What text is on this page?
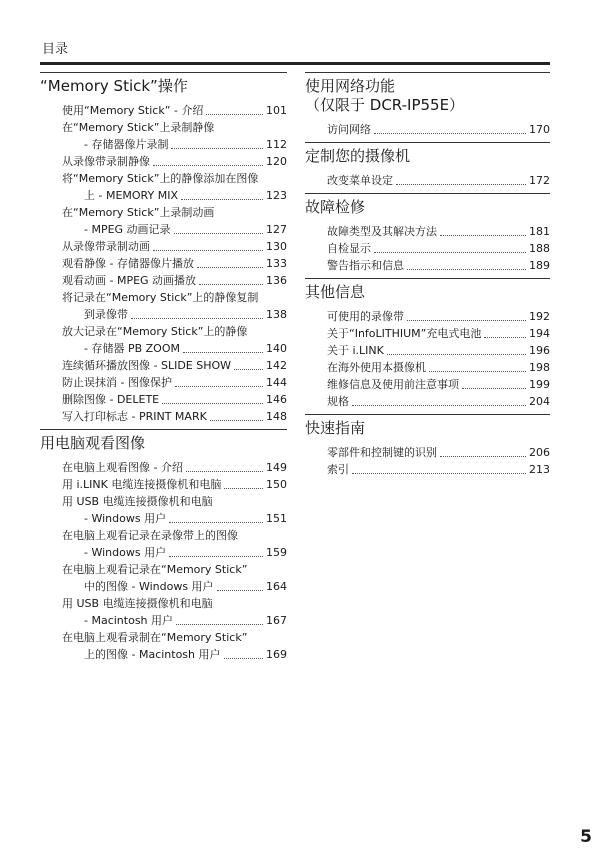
目录
“Memory Stick”操作
使用“Memory Stick” - 介绍	101
在“Memory Stick”上录制静像
- 存储器像片录制	112
从录像带录制静像	120
将“Memory Stick”上的静像添加在图像
上 - MEMORY MIX	123
在“Memory Stick”上录制动画
- MPEG 动画记录	127
从录像带录制动画	130
观看静像 - 存储器像片播放	133
观看动画 - MPEG 动画播放	136
将记录在“Memory Stick”上的静像复制
到录像带	138
放大记录在“Memory Stick”上的静像
- 存储器 PB ZOOM	140
连续循环播放图像 - SLIDE SHOW	142
防止误抹消 - 图像保护	144
删除图像 - DELETE	146
写入打印标志 - PRINT MARK	148
用电脑观看图像
在电脑上观看图像 - 介绍	149
用 i.LINK 电缆连接摄像机和电脑	150
用 USB 电缆连接摄像机和电脑
- Windows 用户	151
在电脑上观看记录在录像带上的图像
- Windows 用户	159
在电脑上观看记录在“Memory Stick”
中的图像 - Windows 用户	164
用 USB 电缆连接摄像机和电脑
- Macintosh 用户	167
在电脑上观看录制在“Memory Stick”
上的图像 - Macintosh 用户	169
使用网络功能
（仅限于 DCR-IP55E）
访问网络	170
定制您的摄像机
改变菜单设定	172
故障检修
故障类型及其解决方法	181
自检显示	188
警告指示和信息	189
其他信息
可使用的录像带	192
关于“InfoLITHIUM”充电式电池	194
关于 i.LINK	196
在海外使用本摄像机	198
维修信息及使用前注意事项	199
规格	204
快速指南
零部件和控制键的识别	206
索引	213
5
